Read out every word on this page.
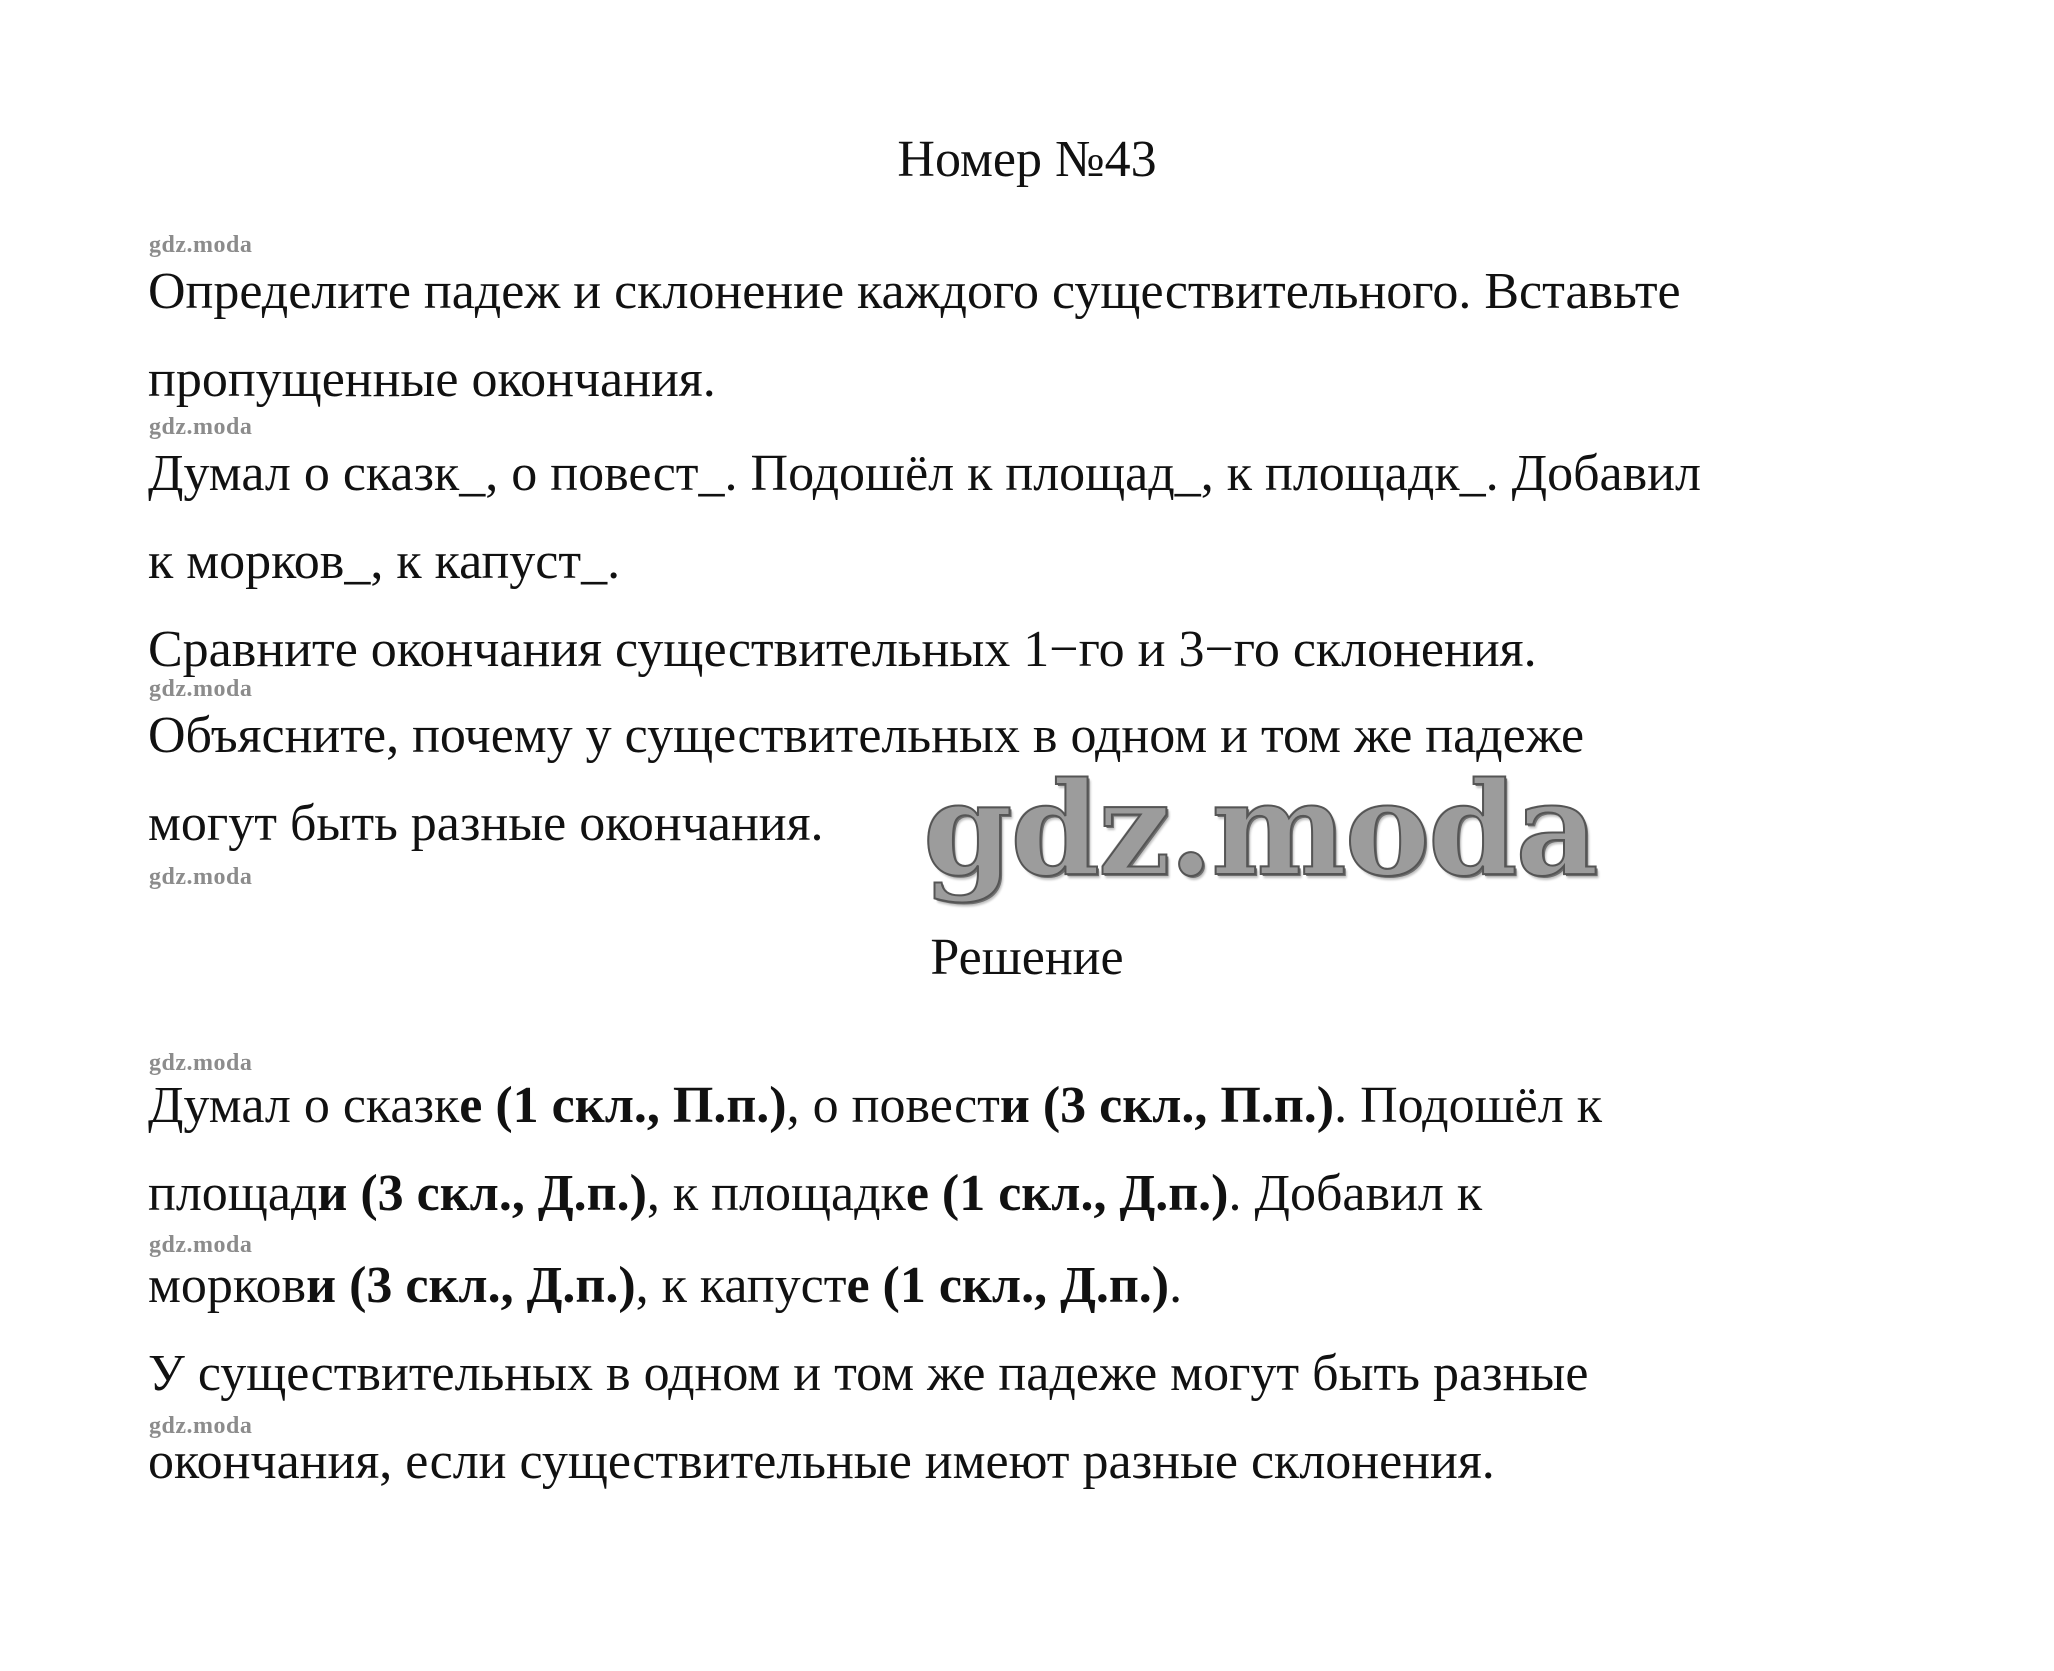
Номер №43

gdz.moda
gdz.moda
gdz.moda
gdz.moda
gdz.moda
gdz.moda
gdz.moda

Определите падеж и склонение каждого существительного. Вставьте

пропущенные окончания.

Думал о сказк_, о повест_. Подошёл к площад_, к площадк_. Добавил

к морков_, к капуст_.

Сравните окончания существительных 1−го и 3−го склонения.

Объясните, почему у существительных в одном и том же падеже

могут быть разные окончания. gdz.moda

Решение

Думал о сказке (1 скл., П.п.), о повести (3 скл., П.п.). Подошёл к

площади (3 скл., Д.п.), к площадке (1 скл., Д.п.). Добавил к

моркови (3 скл., Д.п.), к капусте (1 скл., Д.п.).

У существительных в одном и том же падеже могут быть разные

окончания, если существительные имеют разные склонения.
